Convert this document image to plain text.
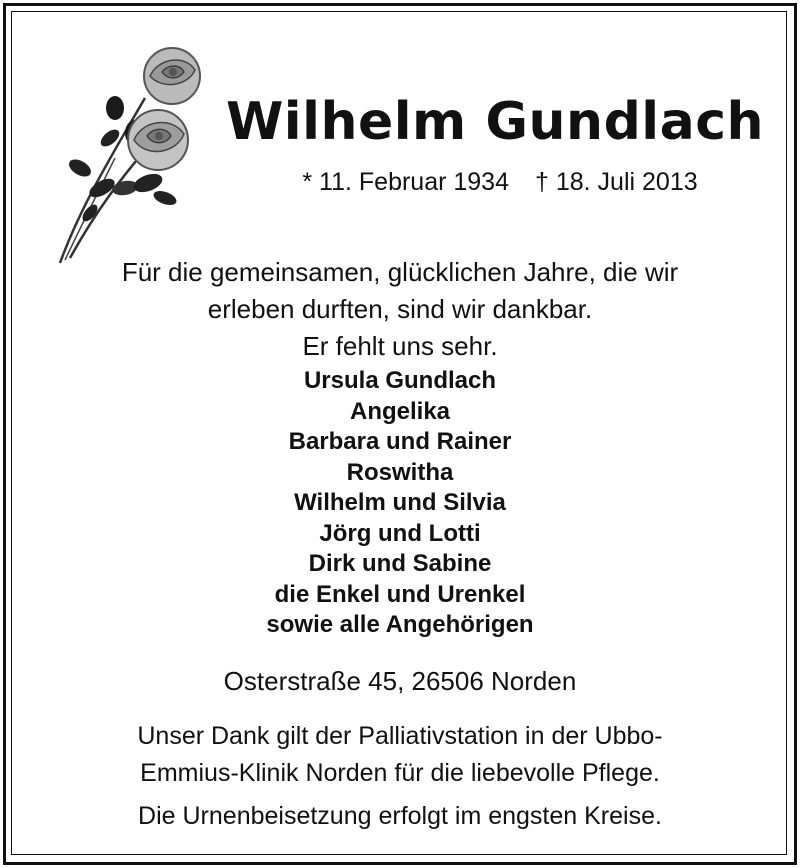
Wilhelm Gundlach
* 11. Februar 1934 † 18. Juli 2013
Für die gemeinsamen, glücklichen Jahre, die wir
erleben durften, sind wir dankbar.
Er fehlt uns sehr.
Ursula Gundlach
Angelika
Barbara und Rainer
Roswitha
Wilhelm und Silvia
Jörg und Lotti
Dirk und Sabine
die Enkel und Urenkel
sowie alle Angehörigen
Osterstraße 45, 26506 Norden
Unser Dank gilt der Palliativstation in der Ubbo-
Emmius-Klinik Norden für die liebevolle Pflege.
Die Urnenbeisetzung erfolgt im engsten Kreise.
